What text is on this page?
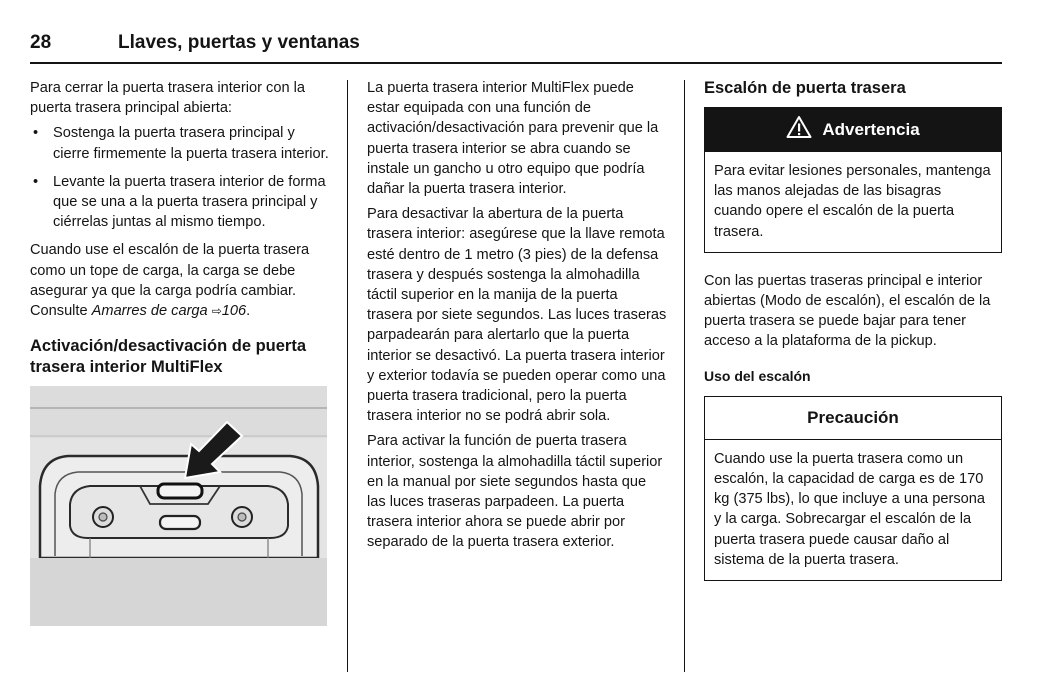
28	Llaves, puertas y ventanas

Para cerrar la puerta trasera interior con la puerta trasera principal abierta:

• Sostenga la puerta trasera principal y cierre firmemente la puerta trasera interior.
• Levante la puerta trasera interior de forma que se una a la puerta trasera principal y ciérrelas juntas al mismo tiempo.

Cuando use el escalón de la puerta trasera como un tope de carga, la carga se debe asegurar ya que la carga podría cambiar. Consulte Amarres de carga ⇨106.

Activación/desactivación de puerta trasera interior MultiFlex

La puerta trasera interior MultiFlex puede estar equipada con una función de activación/desactivación para prevenir que la puerta trasera interior se abra cuando se instale un gancho u otro equipo que podría dañar la puerta trasera interior.

Para desactivar la abertura de la puerta trasera interior: asegúrese que la llave remota esté dentro de 1 metro (3 pies) de la defensa trasera y después sostenga la almohadilla táctil superior en la manija de la puerta trasera por siete segundos. Las luces traseras parpadearán para alertarlo que la puerta interior se desactivó. La puerta trasera interior y exterior todavía se pueden operar como una puerta trasera tradicional, pero la puerta trasera interior no se podrá abrir sola.

Para activar la función de puerta trasera interior, sostenga la almohadilla táctil superior en la manual por siete segundos hasta que las luces traseras parpadeen. La puerta trasera interior ahora se puede abrir por separado de la puerta trasera exterior.

Escalón de puerta trasera
Advertencia
Para evitar lesiones personales, mantenga las manos alejadas de las bisagras cuando opere el escalón de la puerta trasera.

Con las puertas traseras principal e interior abiertas (Modo de escalón), el escalón de la puerta trasera se puede bajar para tener acceso a la plataforma de la pickup.

Uso del escalón
Precaución
Cuando use la puerta trasera como un escalón, la capacidad de carga es de 170 kg (375 lbs), lo que incluye a una persona y la carga. Sobrecargar el escalón de la puerta trasera puede causar daño al sistema de la puerta trasera.
